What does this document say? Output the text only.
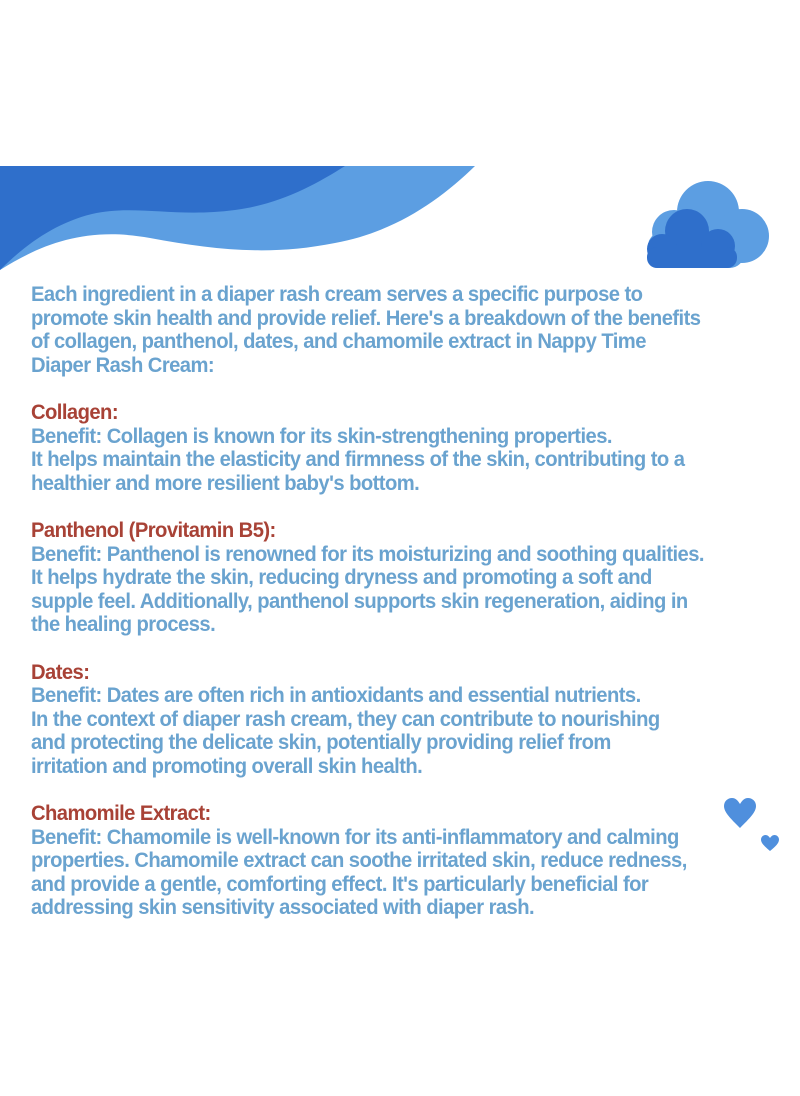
Each ingredient in a diaper rash cream serves a specific purpose to

promote skin health and provide relief. Here's a breakdown of the benefits

of collagen, panthenol, dates, and chamomile extract in Nappy Time

Diaper Rash Cream:

Collagen:

Benefit: Collagen is known for its skin-strengthening properties.

It helps maintain the elasticity and firmness of the skin, contributing to a

healthier and more resilient baby's bottom.

Panthenol (Provitamin B5):

Benefit: Panthenol is renowned for its moisturizing and soothing qualities.

It helps hydrate the skin, reducing dryness and promoting a soft and

supple feel. Additionally, panthenol supports skin regeneration, aiding in

the healing process.

Dates:

Benefit: Dates are often rich in antioxidants and essential nutrients.

In the context of diaper rash cream, they can contribute to nourishing

and protecting the delicate skin, potentially providing relief from

irritation and promoting overall skin health.

Chamomile Extract:

Benefit: Chamomile is well-known for its anti-inflammatory and calming

properties. Chamomile extract can soothe irritated skin, reduce redness,

and provide a gentle, comforting effect. It's particularly beneficial for

addressing skin sensitivity associated with diaper rash.
